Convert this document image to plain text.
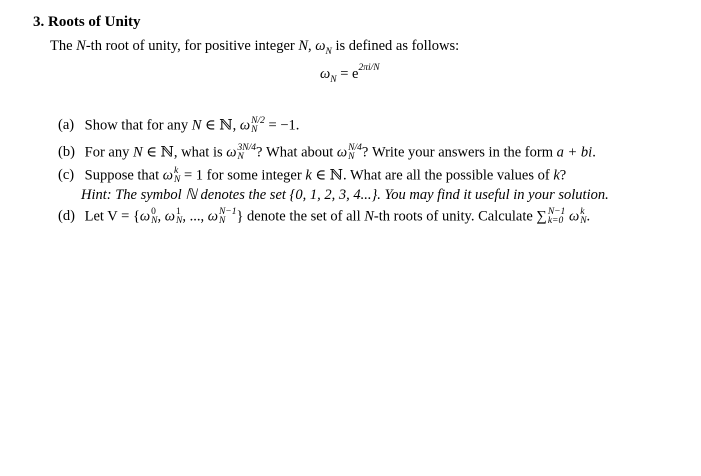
3. Roots of Unity
The N-th root of unity, for positive integer N, $\omega_N$ is defined as follows:
$\omega_N = e^{2\pi i/N}$
(a) Show that for any N ∈ ℕ, ω N/2
N = −1.
(b) For any N ∈ ℕ, what is ω 3N/4
N ? What about ω N/4
N ? Write your answers in the form a + bi.
(c) Suppose that ω k
N = 1 for some integer k ∈ ℕ. What are all the possible values of k?
Hint: The symbol ℕ denotes the set {0, 1, 2, 3, 4...}. You may find it useful in your solution.
(d) Let V = {ω 0
N , ω 1
N , ..., ω N−1
N } denote the set of all N-th roots of unity. Calculate ∑ N−1
k=0 ω k
N .
